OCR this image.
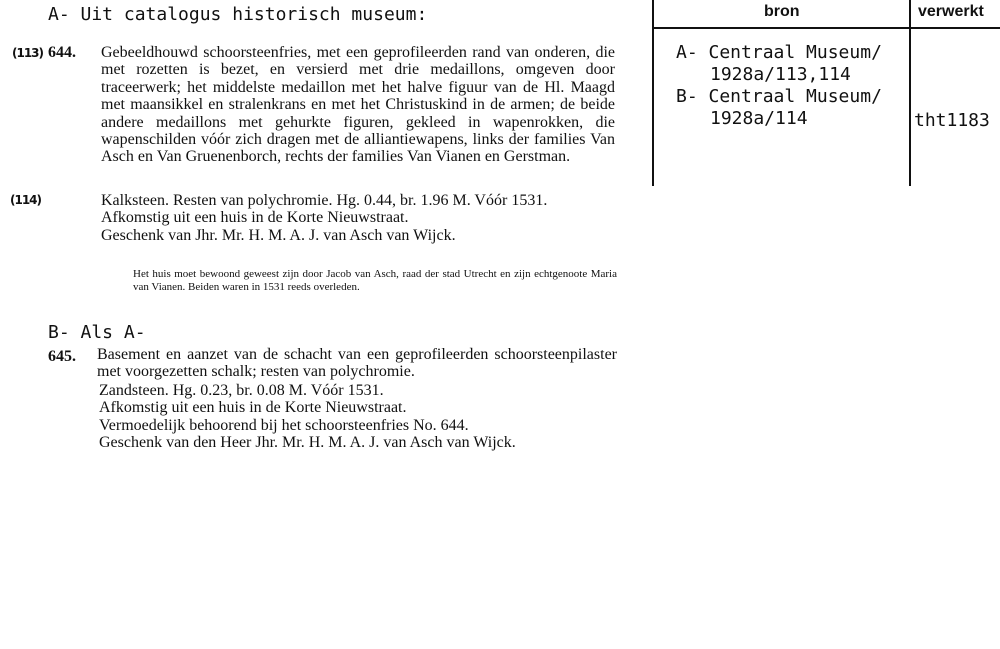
A- Uit catalogus historisch museum:
(113) 644. Gebeeldhouwd schoorsteenfries, met een geprofileerden rand van onderen, die met rozetten is bezet, en versierd met drie medaillons, omgeven door traceerwerk; het middelste medaillon met het halve figuur van de Hl. Maagd met maansikkel en stralenkrans en met het Christuskind in de armen; de beide andere medaillons met gehurkte figuren, gekleed in wapenrokken, die wapenschilden vóór zich dragen met de alliantiewapens, links der families Van Asch en Van Gruenenborch, rechts der families Van Vianen en Gerstman.
(114)	Kalksteen. Resten van polychromie. Hg. 0.44, br. 1.96 M. Vóór 1531.
Afkomstig uit een huis in de Korte Nieuwstraat.
Geschenk van Jhr. Mr. H. M. A. J. van Asch van Wijck.
Het huis moet bewoond geweest zijn door Jacob van Asch, raad der stad Utrecht en zijn echtgenoote Maria van Vianen. Beiden waren in 1531 reeds overleden.
B- Als A-
645. Basement en aanzet van de schacht van een geprofileerden schoorsteenpilaster met voorgezetten schalk; resten van polychromie.
Zandsteen. Hg. 0.23, br. 0.08 M. Vóór 1531.
Afkomstig uit een huis in de Korte Nieuwstraat.
Vermoedelijk behoorend bij het schoorsteenfries No. 644.
Geschenk van den Heer Jhr. Mr. H. M. A. J. van Asch van Wijck.
bron	verwerkt
A- Centraal Museum/
1928a/113,114
B- Centraal Museum/
1928a/114	tht1183
